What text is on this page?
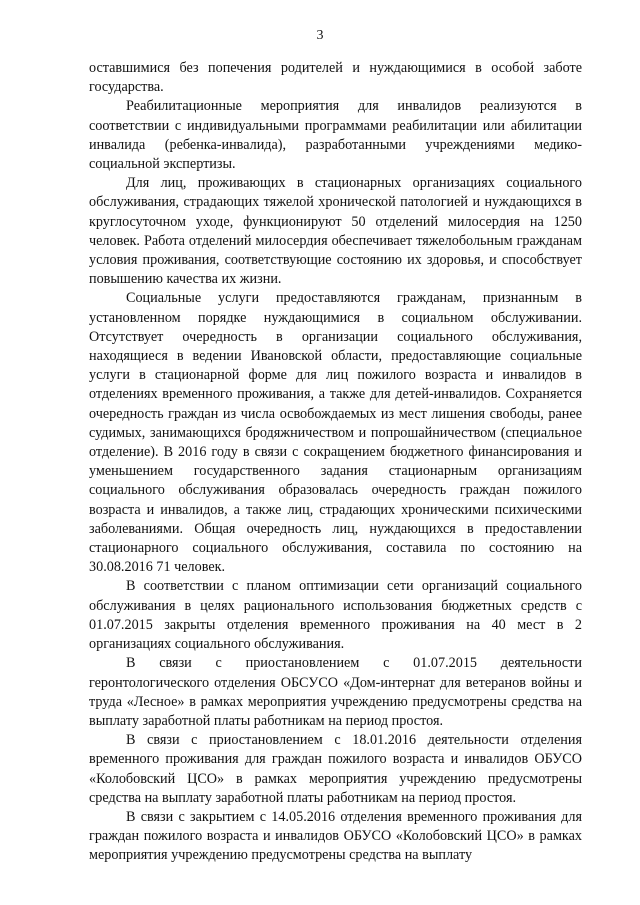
3

оставшимися без попечения родителей и нуждающимися в особой заботе государства.

Реабилитационные мероприятия для инвалидов реализуются в соответствии с индивидуальными программами реабилитации или абилитации инвалида (ребенка-инвалида), разработанными учреждениями медико-социальной экспертизы.

Для лиц, проживающих в стационарных организациях социального обслуживания, страдающих тяжелой хронической патологией и нуждающихся в круглосуточном уходе, функционируют 50 отделений милосердия на 1250 человек. Работа отделений милосердия обеспечивает тяжелобольным гражданам условия проживания, соответствующие состоянию их здоровья, и способствует повышению качества их жизни.

Социальные услуги предоставляются гражданам, признанным в установленном порядке нуждающимися в социальном обслуживании. Отсутствует очередность в организации социального обслуживания, находящиеся в ведении Ивановской области, предоставляющие социальные услуги в стационарной форме для лиц пожилого возраста и инвалидов в отделениях временного проживания, а также для детей-инвалидов. Сохраняется очередность граждан из числа освобождаемых из мест лишения свободы, ранее судимых, занимающихся бродяжничеством и попрошайничеством (специальное отделение). В 2016 году в связи с сокращением бюджетного финансирования и уменьшением государственного задания стационарным организациям социального обслуживания образовалась очередность граждан пожилого возраста и инвалидов, а также лиц, страдающих хроническими психическими заболеваниями. Общая очередность лиц, нуждающихся в предоставлении стационарного социального обслуживания, составила по состоянию на 30.08.2016 71 человек.

В соответствии с планом оптимизации сети организаций социального обслуживания в целях рационального использования бюджетных средств с 01.07.2015 закрыты отделения временного проживания на 40 мест в 2 организациях социального обслуживания.

В связи с приостановлением с 01.07.2015 деятельности геронтологического отделения ОБСУСО «Дом-интернат для ветеранов войны и труда «Лесное» в рамках мероприятия учреждению предусмотрены средства на выплату заработной платы работникам на период простоя.

В связи с приостановлением с 18.01.2016 деятельности отделения временного проживания для граждан пожилого возраста и инвалидов ОБУСО «Колобовский ЦСО» в рамках мероприятия учреждению предусмотрены средства на выплату заработной платы работникам на период простоя.

В связи с закрытием с 14.05.2016 отделения временного проживания для граждан пожилого возраста и инвалидов ОБУСО «Колобовский ЦСО» в рамках мероприятия учреждению предусмотрены средства на выплату
